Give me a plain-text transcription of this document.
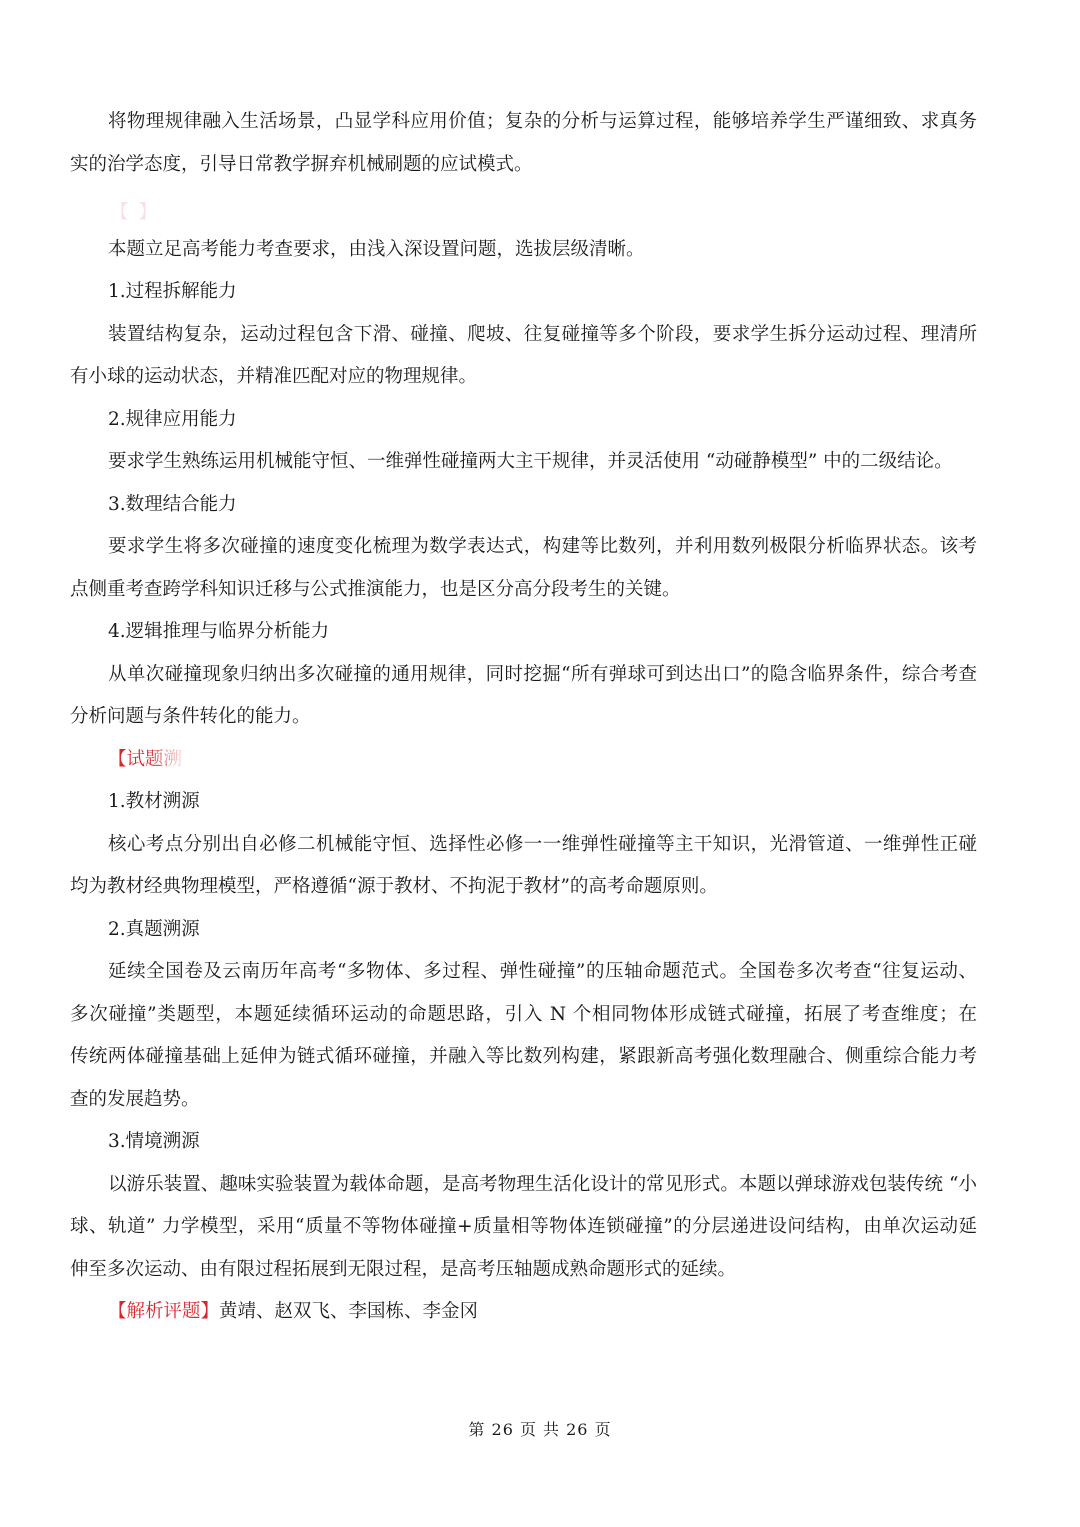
将物理规律融入生活场景，凸显学科应用价值；复杂的分析与运算过程，能够培养学生严谨细致、求真务
实的治学态度，引导日常教学摒弃机械刷题的应试模式。
【 】
本题立足高考能力考查要求，由浅入深设置问题，选拔层级清晰。
1.过程拆解能力
装置结构复杂，运动过程包含下滑、碰撞、爬坡、往复碰撞等多个阶段，要求学生拆分运动过程、理清所
有小球的运动状态，并精准匹配对应的物理规律。
2.规律应用能力
要求学生熟练运用机械能守恒、一维弹性碰撞两大主干规律，并灵活使用 “动碰静模型” 中的二级结论。
3.数理结合能力
要求学生将多次碰撞的速度变化梳理为数学表达式，构建等比数列，并利用数列极限分析临界状态。该考
点侧重考查跨学科知识迁移与公式推演能力，也是区分高分段考生的关键。
4.逻辑推理与临界分析能力
从单次碰撞现象归纳出多次碰撞的通用规律，同时挖掘“所有弹球可到达出口”的隐含临界条件，综合考查
分析问题与条件转化的能力。
【试题溯
1.教材溯源
核心考点分别出自必修二机械能守恒、选择性必修一一维弹性碰撞等主干知识，光滑管道、一维弹性正碰
均为教材经典物理模型，严格遵循“源于教材、不拘泥于教材”的高考命题原则。
2.真题溯源
延续全国卷及云南历年高考“多物体、多过程、弹性碰撞”的压轴命题范式。全国卷多次考查“往复运动、
多次碰撞”类题型，本题延续循环运动的命题思路，引入 N 个相同物体形成链式碰撞，拓展了考查维度；在
传统两体碰撞基础上延伸为链式循环碰撞，并融入等比数列构建，紧跟新高考强化数理融合、侧重综合能力考
查的发展趋势。
3.情境溯源
以游乐装置、趣味实验装置为载体命题，是高考物理生活化设计的常见形式。本题以弹球游戏包装传统 “小
球、轨道” 力学模型，采用“质量不等物体碰撞+质量相等物体连锁碰撞”的分层递进设问结构，由单次运动延
伸至多次运动、由有限过程拓展到无限过程，是高考压轴题成熟命题形式的延续。
【解析评题】黄靖、赵双飞、李国栋、李金冈
第 26 页 共 26 页
